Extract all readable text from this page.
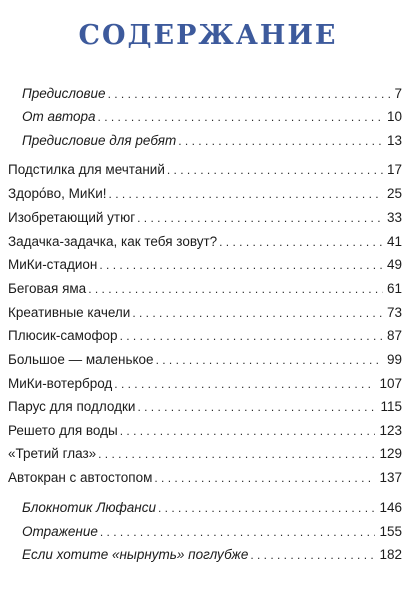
СОДЕРЖАНИЕ
Предисловие . . .	7
От автора . . .	10
Предисловие для ребят . . .	13
Подстилка для мечтаний . . .	17
Здоро́во, МиКи! . . .	25
Изобретающий утюг . . .	33
Задачка-задачка, как тебя зовут? . . .	41
МиКи-стадион . . .	49
Беговая яма . . .	61
Креативные качели . . .	73
Плюсик-самофор . . .	87
Большое — маленькое . . .	99
МиКи-вотерброд . . .	107
Парус для подлодки . . .	115
Решето для воды . . .	123
«Третий глаз» . . .	129
Автокран с автостопом . . .	137
Блокнотик Люфанси . . .	146
Отражение . . .	155
Если хотите «нырнуть» поглубже . . .	182
